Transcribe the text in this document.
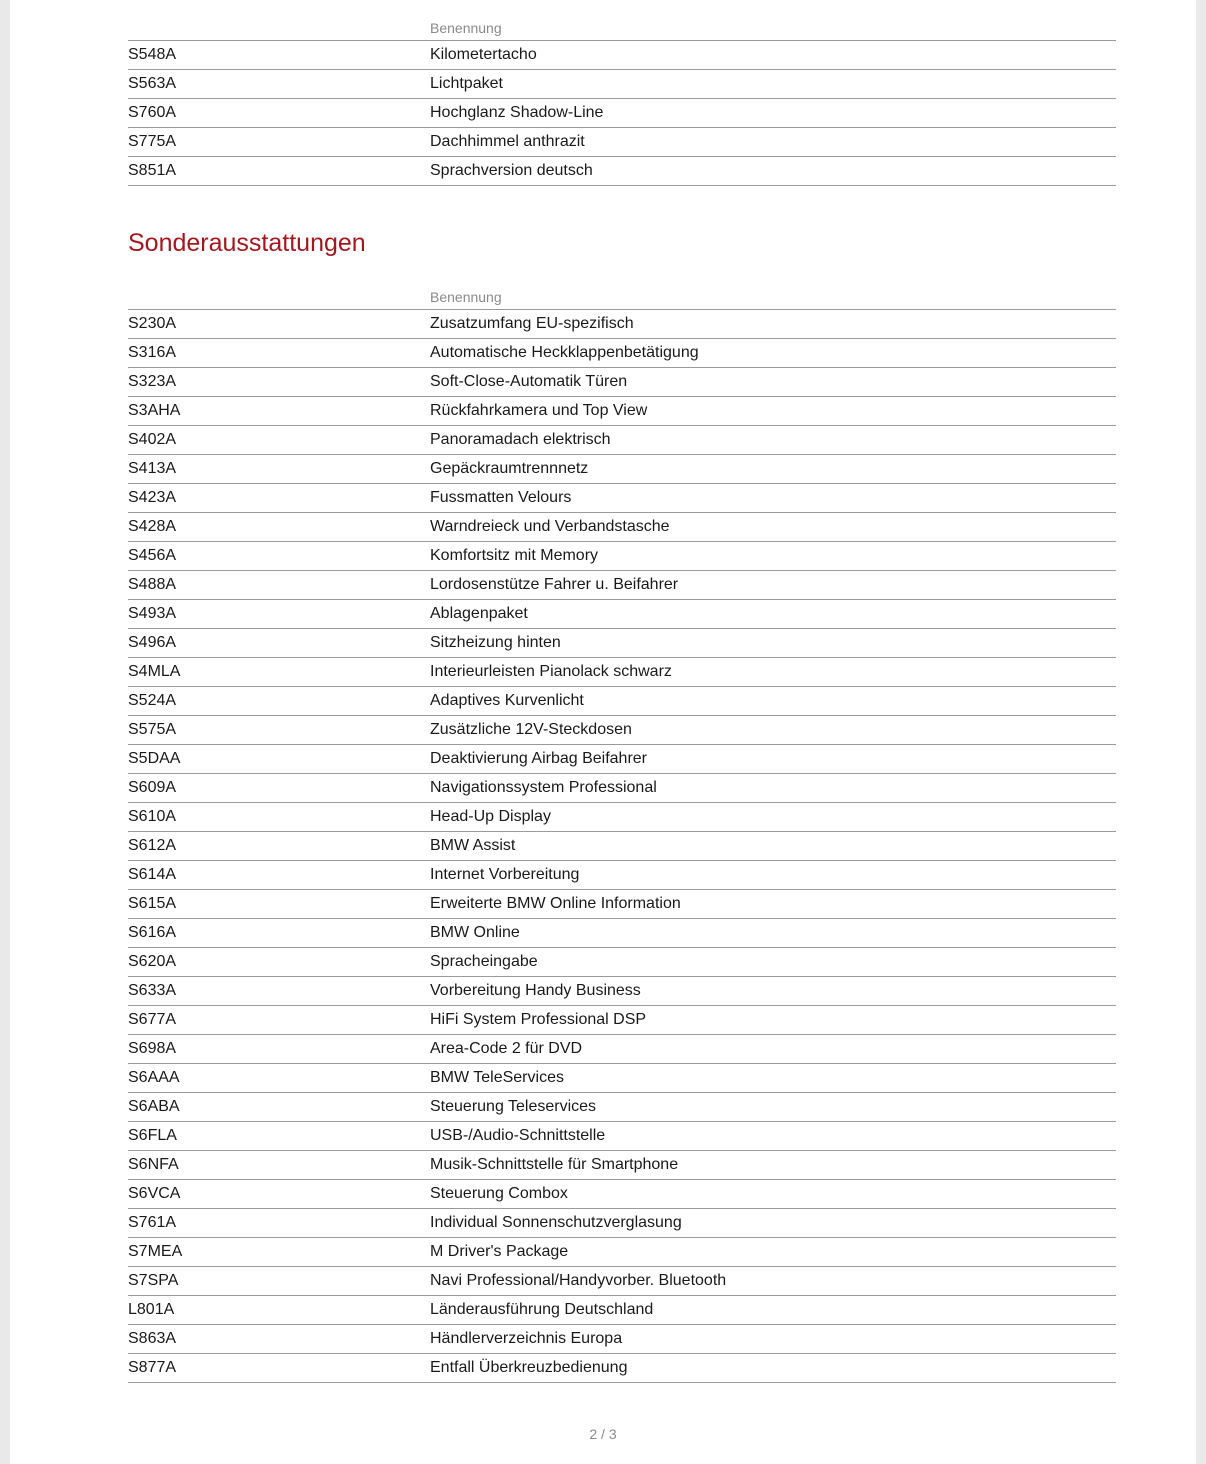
Benennung
S548A	Kilometertacho
S563A	Lichtpaket
S760A	Hochglanz Shadow-Line
S775A	Dachhimmel anthrazit
S851A	Sprachversion deutsch
Sonderausstattungen
Benennung
S230A	Zusatzumfang EU-spezifisch
S316A	Automatische Heckklappenbetätigung
S323A	Soft-Close-Automatik Türen
S3AHA	Rückfahrkamera und Top View
S402A	Panoramadach elektrisch
S413A	Gepäckraumtrennnetz
S423A	Fussmatten Velours
S428A	Warndreieck und Verbandstasche
S456A	Komfortsitz mit Memory
S488A	Lordosenstütze Fahrer u. Beifahrer
S493A	Ablagenpaket
S496A	Sitzheizung hinten
S4MLA	Interieurleisten Pianolack schwarz
S524A	Adaptives Kurvenlicht
S575A	Zusätzliche 12V-Steckdosen
S5DAA	Deaktivierung Airbag Beifahrer
S609A	Navigationssystem Professional
S610A	Head-Up Display
S612A	BMW Assist
S614A	Internet Vorbereitung
S615A	Erweiterte BMW Online Information
S616A	BMW Online
S620A	Spracheingabe
S633A	Vorbereitung Handy Business
S677A	HiFi System Professional DSP
S698A	Area-Code 2 für DVD
S6AAA	BMW TeleServices
S6ABA	Steuerung Teleservices
S6FLA	USB-/Audio-Schnittstelle
S6NFA	Musik-Schnittstelle für Smartphone
S6VCA	Steuerung Combox
S761A	Individual Sonnenschutzverglasung
S7MEA	M Driver's Package
S7SPA	Navi Professional/Handyvorber. Bluetooth
L801A	Länderausführung Deutschland
S863A	Händlerverzeichnis Europa
S877A	Entfall Überkreuzbedienung
2 / 3
